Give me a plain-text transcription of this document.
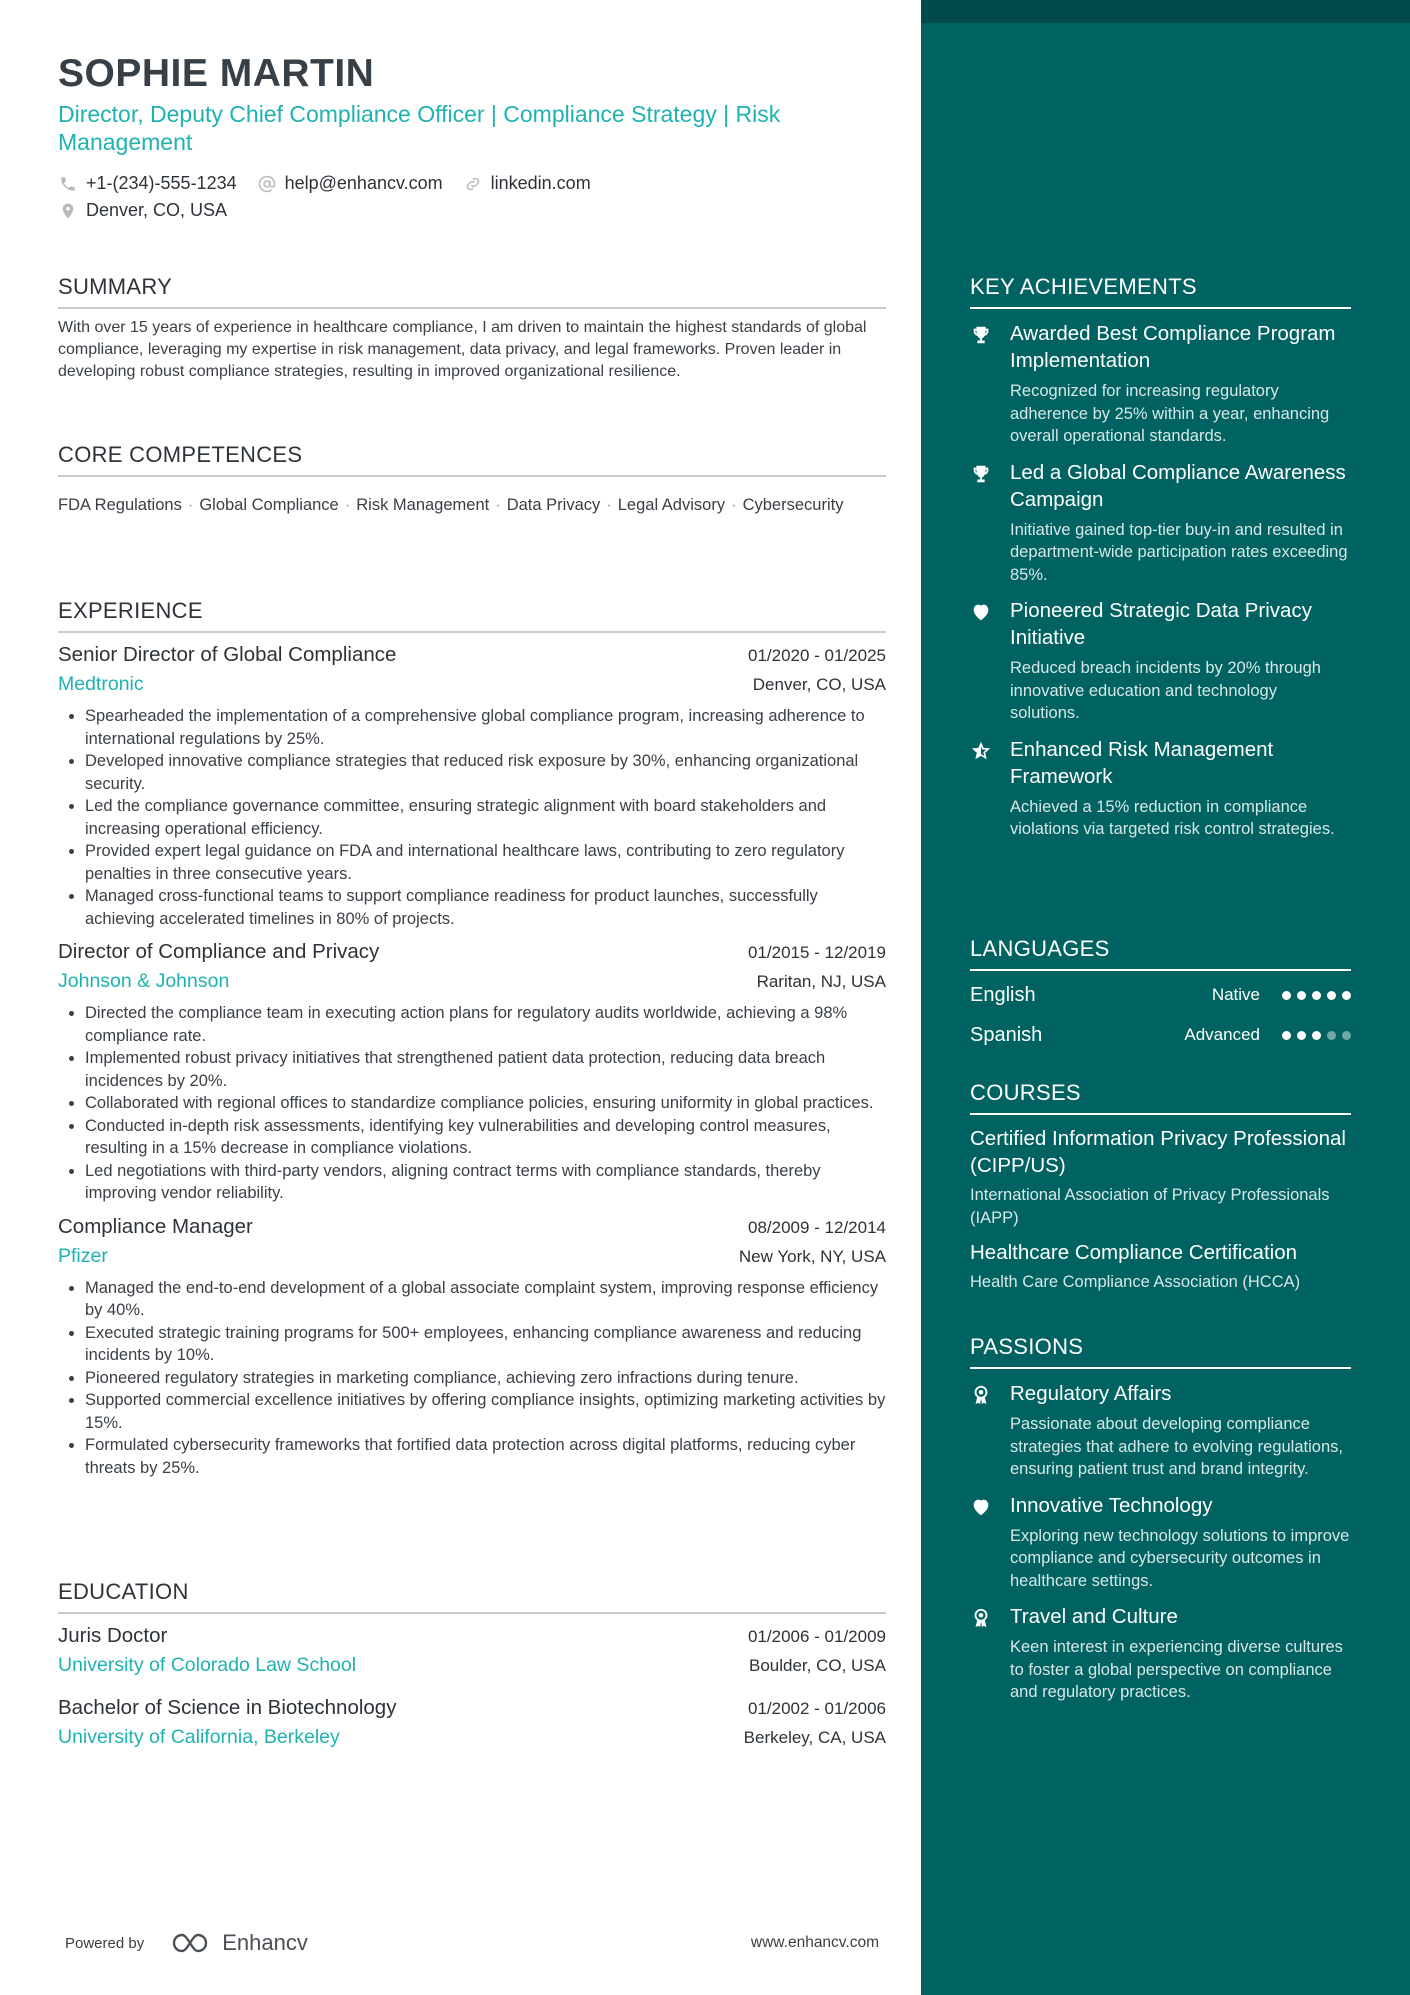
SOPHIE MARTIN
Director, Deputy Chief Compliance Officer | Compliance Strategy | Risk Management
+1-(234)-555-1234	help@enhancv.com	linkedin.com
Denver, CO, USA
SUMMARY
With over 15 years of experience in healthcare compliance, I am driven to maintain the highest standards of global compliance, leveraging my expertise in risk management, data privacy, and legal frameworks. Proven leader in developing robust compliance strategies, resulting in improved organizational resilience.
CORE COMPETENCES
FDA Regulations · Global Compliance · Risk Management · Data Privacy · Legal Advisory · Cybersecurity
EXPERIENCE
Senior Director of Global Compliance	01/2020 - 01/2025
Medtronic	Denver, CO, USA
• Spearheaded the implementation of a comprehensive global compliance program, increasing adherence to international regulations by 25%.
• Developed innovative compliance strategies that reduced risk exposure by 30%, enhancing organizational security.
• Led the compliance governance committee, ensuring strategic alignment with board stakeholders and increasing operational efficiency.
• Provided expert legal guidance on FDA and international healthcare laws, contributing to zero regulatory penalties in three consecutive years.
• Managed cross-functional teams to support compliance readiness for product launches, successfully achieving accelerated timelines in 80% of projects.
Director of Compliance and Privacy	01/2015 - 12/2019
Johnson & Johnson	Raritan, NJ, USA
• Directed the compliance team in executing action plans for regulatory audits worldwide, achieving a 98% compliance rate.
• Implemented robust privacy initiatives that strengthened patient data protection, reducing data breach incidences by 20%.
• Collaborated with regional offices to standardize compliance policies, ensuring uniformity in global practices.
• Conducted in-depth risk assessments, identifying key vulnerabilities and developing control measures, resulting in a 15% decrease in compliance violations.
• Led negotiations with third-party vendors, aligning contract terms with compliance standards, thereby improving vendor reliability.
Compliance Manager	08/2009 - 12/2014
Pfizer	New York, NY, USA
• Managed the end-to-end development of a global associate complaint system, improving response efficiency by 40%.
• Executed strategic training programs for 500+ employees, enhancing compliance awareness and reducing incidents by 10%.
• Pioneered regulatory strategies in marketing compliance, achieving zero infractions during tenure.
• Supported commercial excellence initiatives by offering compliance insights, optimizing marketing activities by 15%.
• Formulated cybersecurity frameworks that fortified data protection across digital platforms, reducing cyber threats by 25%.
EDUCATION
Juris Doctor	01/2006 - 01/2009
University of Colorado Law School	Boulder, CO, USA
Bachelor of Science in Biotechnology	01/2002 - 01/2006
University of California, Berkeley	Berkeley, CA, USA
Powered by	Enhancv	www.enhancv.com
KEY ACHIEVEMENTS
Awarded Best Compliance Program Implementation
Recognized for increasing regulatory adherence by 25% within a year, enhancing overall operational standards.
Led a Global Compliance Awareness Campaign
Initiative gained top-tier buy-in and resulted in department-wide participation rates exceeding 85%.
Pioneered Strategic Data Privacy Initiative
Reduced breach incidents by 20% through innovative education and technology solutions.
Enhanced Risk Management Framework
Achieved a 15% reduction in compliance violations via targeted risk control strategies.
LANGUAGES
English	Native
Spanish	Advanced
COURSES
Certified Information Privacy Professional (CIPP/US)
International Association of Privacy Professionals (IAPP)
Healthcare Compliance Certification
Health Care Compliance Association (HCCA)
PASSIONS
Regulatory Affairs
Passionate about developing compliance strategies that adhere to evolving regulations, ensuring patient trust and brand integrity.
Innovative Technology
Exploring new technology solutions to improve compliance and cybersecurity outcomes in healthcare settings.
Travel and Culture
Keen interest in experiencing diverse cultures to foster a global perspective on compliance and regulatory practices.
